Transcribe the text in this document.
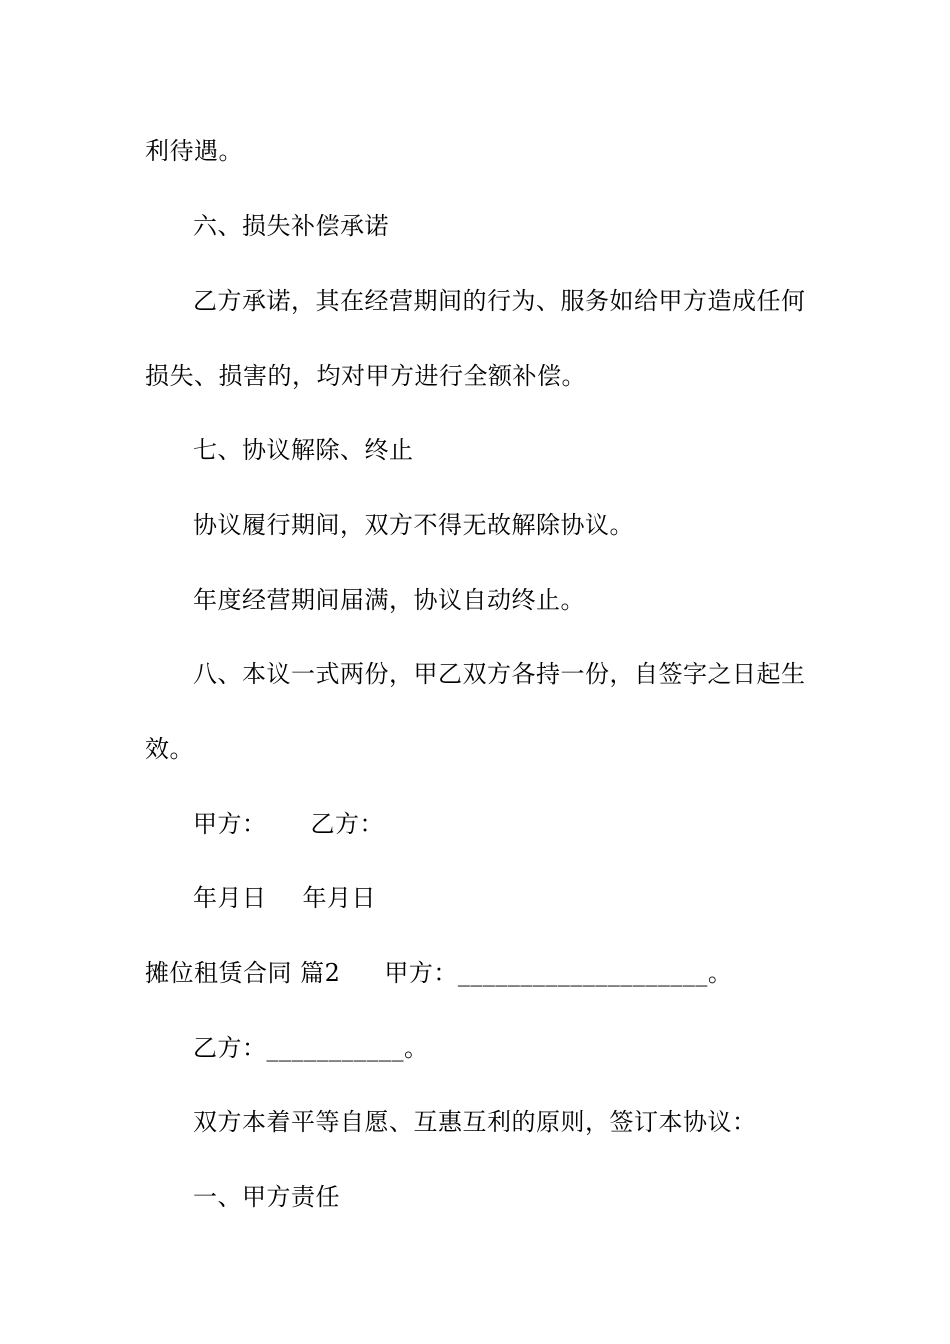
利待遇。
六、损失补偿承诺
乙方承诺，其在经营期间的行为、服务如给甲方造成任何
损失、损害的，均对甲方进行全额补偿。
七、协议解除、终止
协议履行期间，双方不得无故解除协议。
年度经营期间届满，协议自动终止。
八、本议一式两份，甲乙双方各持一份，自签字之日起生
效。
甲方： 乙方：
年月日 年月日
摊位租赁合同 篇2 甲方：____________________。
乙方：___________。
双方本着平等自愿、互惠互利的原则，签订本协议：
一、甲方责任
